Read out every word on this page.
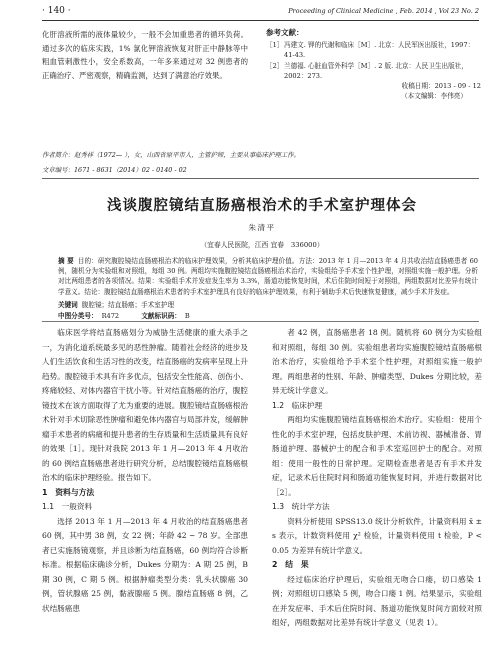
· 140 ·	Proceeding of Clinical Medicine , Feb. 2014 , Vol 23 No. 2

化肝溶液所需的液体量较少，一般不会加重患者的循环负荷。通过多次的临床实践，1% 氯化钾溶液恢复对肝正中静脉等中粗血管刺激性小，安全系数高，一年多来通过对 32 例患者的正确治疗、严密观察，精确监测，达到了满意治疗效果。

参考文献：
［1］ 冯建文. 钾的代谢和临床［M］. 北京：人民军医出版社，1997：41-43.
［2］ 兰德福. 心脏血管外科学［M］. 2 版. 北京：人民卫生出版社，2002：273.
收稿日期：2013 - 09 - 12
（本文编辑：李伟亮）
作者简介：赵秀祥（1972— ），女，山西省原平市人，主管护师，主要从事临床护理工作。
文章编号：1671 - 8631（2014）02 - 0140 - 02
浅谈腹腔镜结直肠癌根治术的手术室护理体会
朱清平
（宜春人民医院，江西 宜春　336000）
摘 要 目的：研究腹腔镜结直肠癌根治术的临床护理效果，分析其临床护理价值。方法：2013 年 1 月—2013 年 4 月共收治结直肠癌患者 60 例，随机分为实验组和对照组，每组 30 例。两组均实施腹腔镜结直肠癌根治术治疗，实验组给予手术室个性护理，对照组实施一般护理。分析对比两组患者的各项情况。结果：实验组手术并发症发生率为 3.3%，肠道功能恢复时间，术后住院时间短于对照组，两组数据对比差异有统计学意义。结论：腹腔镜结直肠癌根治术患者的手术室护理具有良好的临床护理效果，有利于辅助手术后快速恢复健康，减少手术并发症。
关键词 腹腔镜；结直肠癌；手术室护理
中图分类号： R472	文献标识码： B

临床医学将结直肠癌划分为威胁生活健康的重大杀手之一，为消化道系统最多见的恶性肿瘤。随着社会经济的进步及人们生活饮食和生活习性的改变，结直肠癌的发病率呈现上升趋势。腹腔镜手术具有许多优点，包括安全性能高、创伤小、疼痛较轻、对体内器官干扰小等。针对结直肠癌的治疗，腹腔镜技术在该方面取得了尤为重要的进展。腹腔镜结直肠癌根治术针对手术切除恶性肿瘤和避免体内器官与局部并发，缓解肿瘤手术患者的病痛和提升患者的生存质量和生活质量具有良好的效果［1］。现针对我院 2013 年 1 月—2013 年 4 月收治的 60 例结直肠癌患者进行研究分析，总结腹腔镜结直肠癌根治术的临床护理经验。报告如下。

1　资料与方法
1.1　一般资料

选择 2013 年 1 月—2013 年 4 月收治的结直肠癌患者 60 例，其中男 38 例，女 22 例；年龄 42 ~ 78 岁。全部患者已实施肠镜观察，并且诊断为结直肠癌，60 例均符合诊断标准。根据临床确诊分析，Dukes 分期为：A 期 25 例，B 期 30 例，C 期 5 例。根据肿瘤类型分类：乳头状腺癌 30 例，管状腺癌 25 例，黏液腺癌 5 例。腺结直肠癌 8 例，乙状结肠癌患

者 42 例，直肠癌患者 18 例。随机将 60 例分为实验组和对照组，每组 30 例。实验组患者均实施腹腔镜结直肠癌根治术治疗，实验组给予手术室个性护理，对照组实施一般护理。两组患者的性别、年龄、肿瘤类型、Dukes 分期比较，差异无统计学意义。

1.2　临床护理

两组均实施腹腔镜结直肠癌根治术治疗。实验组：使用个性化的手术室护理，包括皮肤护理、术前访视、器械准备、胃肠道护理、器械护士的配合和手术室巡回护士的配合。对照组：使用一般性的日常护理。定期检查患者是否有手术并发症，记录术后住院时间和肠道功能恢复时间，并进行数据对比［2］。

1.3　统计学方法

资料分析使用 SPSS13.0 统计分析软件，计量资料用 x̄ ± s 表示，计数资料使用 χ² 检验，计量资料使用 t 检验，P < 0.05 为差异有统计学意义。

2　结　果

经过临床治疗护理后，实验组无吻合口瘘，切口感染 1 例；对照组切口感染 5 例，吻合口瘘 1 例。结果显示，实验组在并发症率、手术后住院时间、肠道功能恢复时间方面较对照组好，两组数据对比差异有统计学意义（见表 1）。
